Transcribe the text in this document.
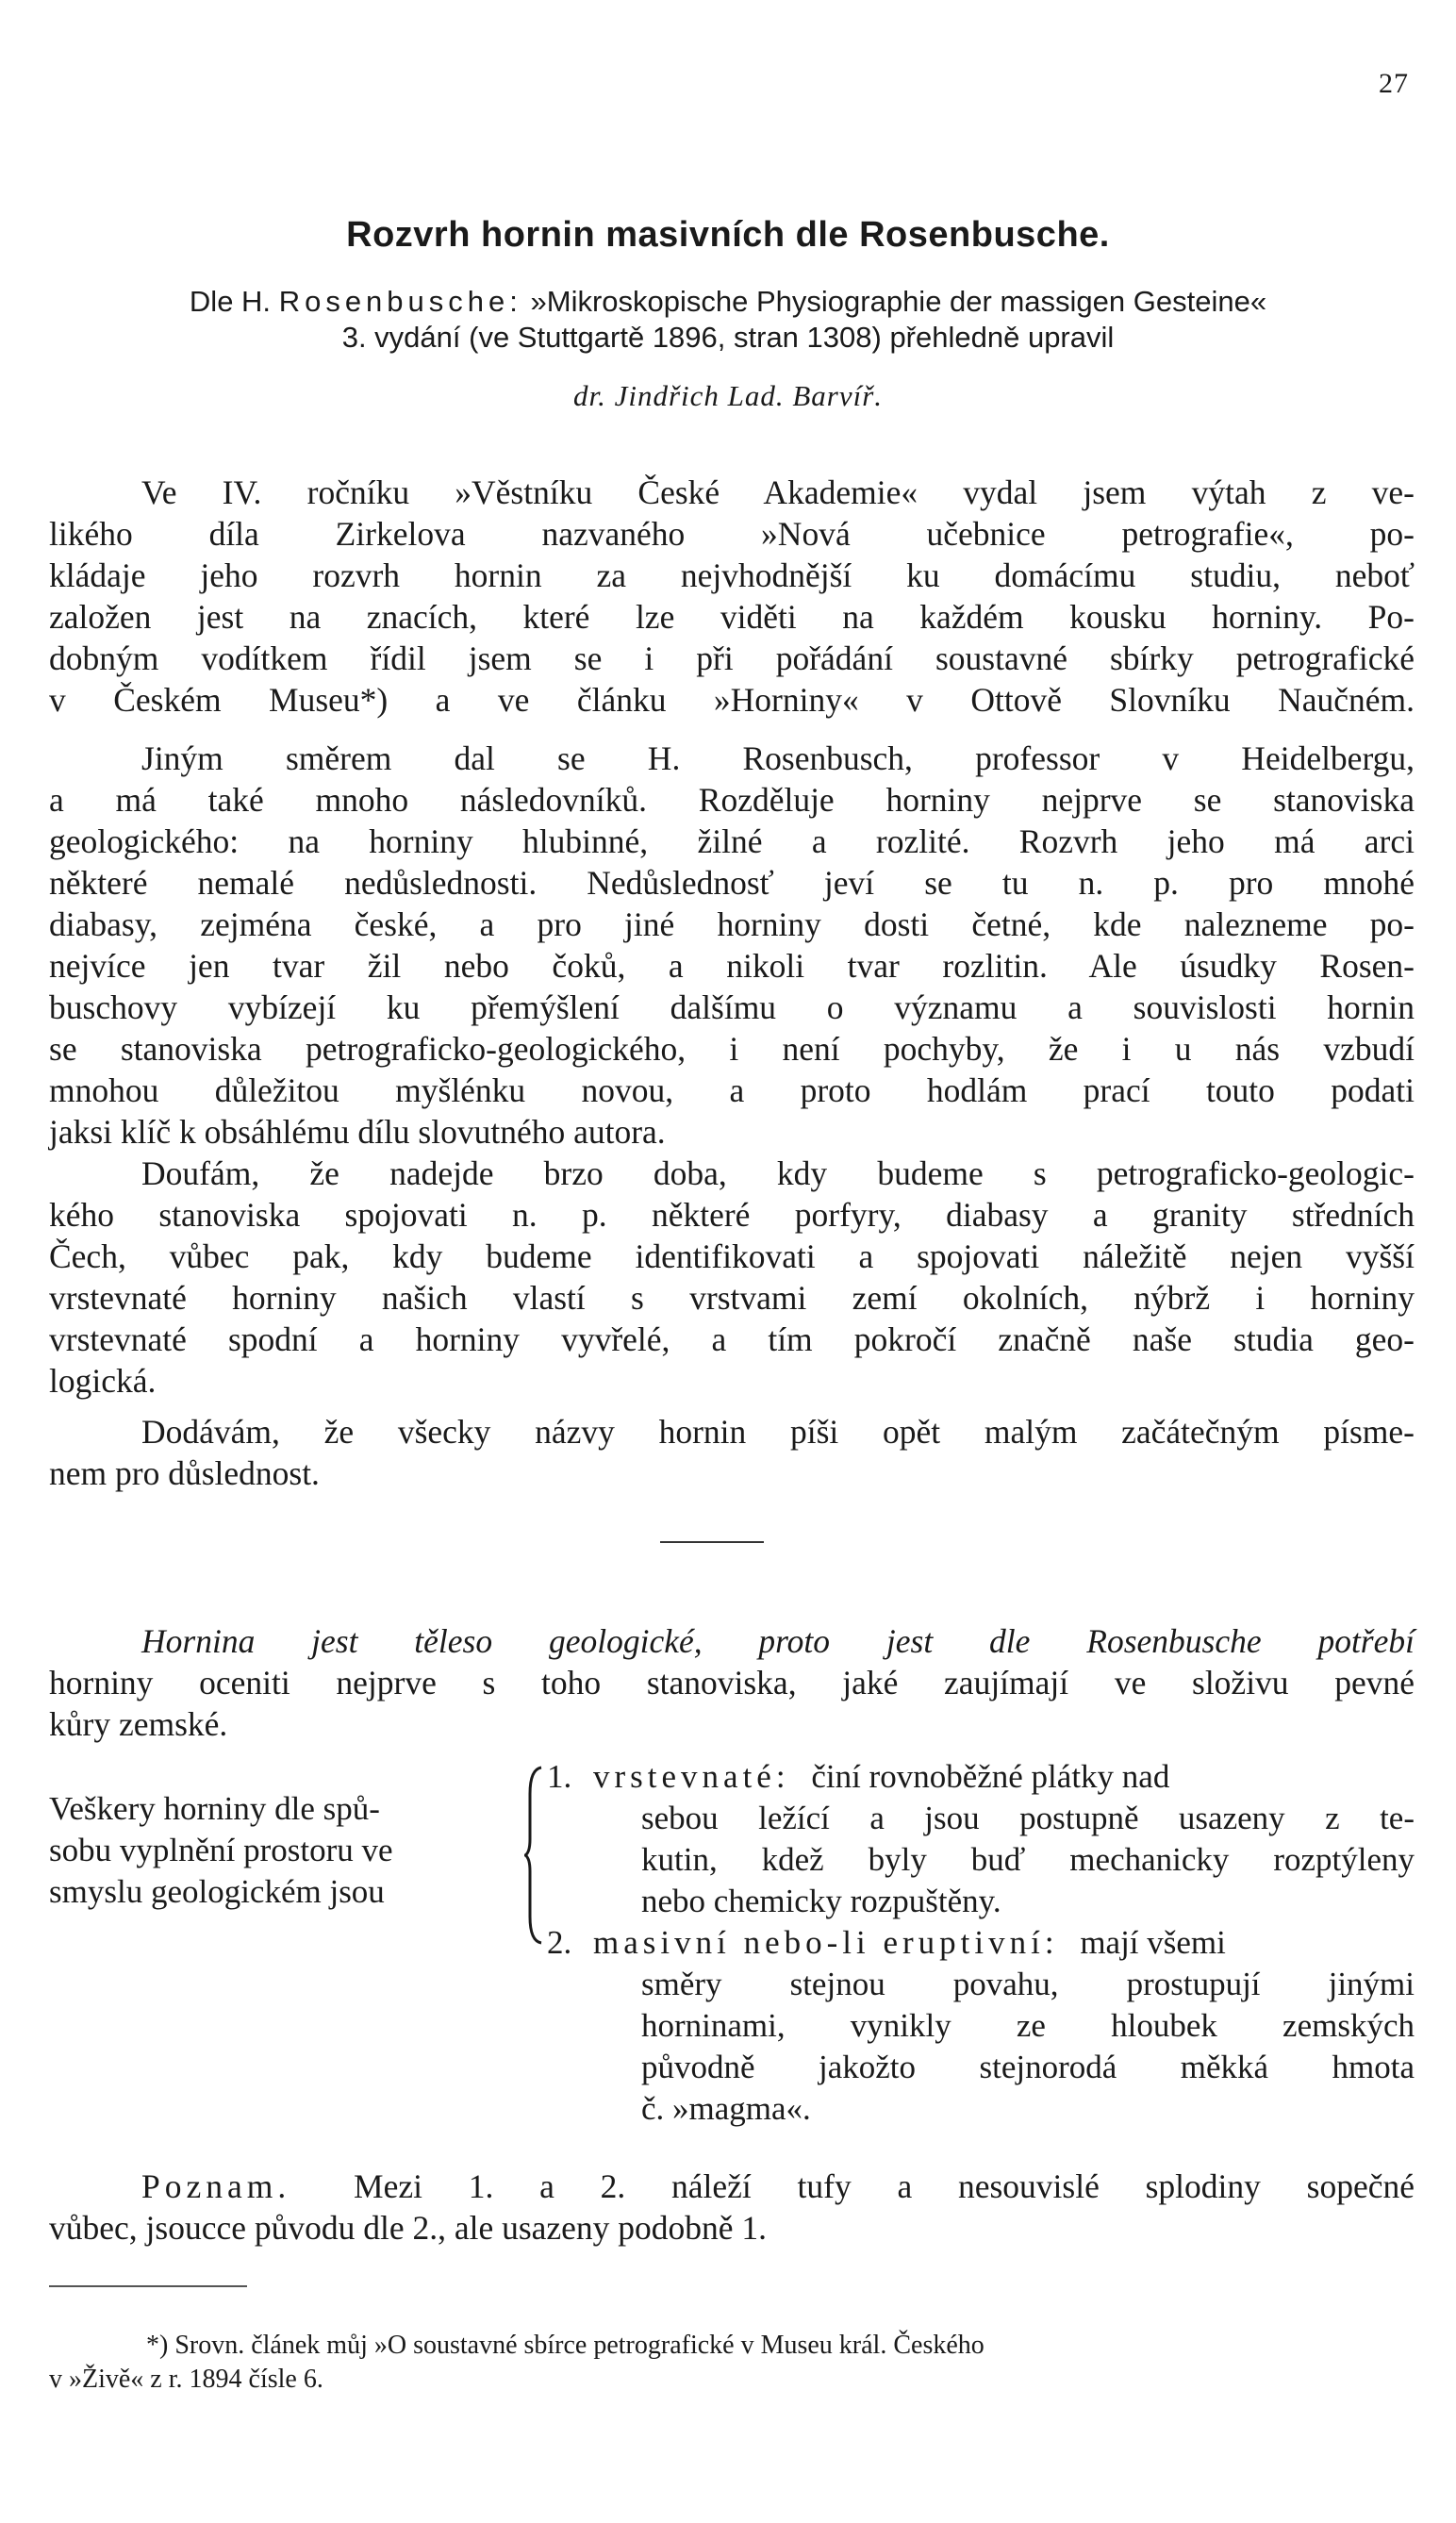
27
Rozvrh hornin masivních dle Rosenbusche.
Dle H. Rosenbusche: »Mikroskopische Physiographie der massigen Gesteine«
3. vydání (ve Stuttgartě 1896, stran 1308) přehledně upravil
dr. Jindřich Lad. Barvíř.
Ve IV. ročníku »Věstníku České Akademie« vydal jsem výtah z ve-
likého díla Zirkelova nazvaného »Nová učebnice petrografie«, po-
kládaje jeho rozvrh hornin za nejvhodnější ku domácímu studiu, neboť
založen jest na znacích, které lze viděti na každém kousku horniny. Po-
dobným vodítkem řídil jsem se i při pořádání soustavné sbírky petrografické
v Českém Museu*) a ve článku »Horniny« v Ottově Slovníku Naučném.
Jiným směrem dal se H. Rosenbusch, professor v Heidelbergu,
a má také mnoho následovníků. Rozděluje horniny nejprve se stanoviska
geologického: na horniny hlubinné, žilné a rozlité. Rozvrh jeho má arci
některé nemalé nedůslednosti. Nedůslednosť jeví se tu n. p. pro mnohé
diabasy, zejména české, a pro jiné horniny dosti četné, kde nalezneme po-
nejvíce jen tvar žil nebo čoků, a nikoli tvar rozlitin. Ale úsudky Rosen-
buschovy vybízejí ku přemýšlení dalšímu o významu a souvislosti hornin
se stanoviska petrograficko-geologického, i není pochyby, že i u nás vzbudí
mnohou důležitou myšlénku novou, a proto hodlám prací touto podati
jaksi klíč k obsáhlému dílu slovutného autora.
Doufám, že nadejde brzo doba, kdy budeme s petrograficko-geologic-
kého stanoviska spojovati n. p. některé porfyry, diabasy a granity středních
Čech, vůbec pak, kdy budeme identifikovati a spojovati náležitě nejen vyšší
vrstevnaté horniny našich vlastí s vrstvami zemí okolních, nýbrž i horniny
vrstevnaté spodní a horniny vyvřelé, a tím pokročí značně naše studia geo-
logická.
Dodávám, že všecky názvy hornin píši opět malým začátečným písme-
nem pro důslednost.
Hornina jest těleso geologické, proto jest dle Rosenbusche potřebí
horniny oceniti nejprve s toho stanoviska, jaké zaujímají ve složivu pevné
kůry zemské.
Veškery horniny dle spů-
sobu vyplnění prostoru ve
smyslu geologickém jsou
1. vrstevnaté: činí rovnoběžné plátky nad
sebou ležící a jsou postupně usazeny z te-
kutin, kdež byly buď mechanicky rozptýleny
nebo chemicky rozpuštěny.
2. masivní nebo-li eruptivní: mají všemi
směry stejnou povahu, prostupují jinými
horninami, vynikly ze hloubek zemských
původně jakožto stejnorodá měkká hmota
č. »magma«.
Poznam. Mezi 1. a 2. náleží tufy a nesouvislé splodiny sopečné
vůbec, jsoucce původu dle 2., ale usazeny podobně 1.
*) Srovn. článek můj »O soustavné sbírce petrografické v Museu král. Českého
v »Živě« z r. 1894 čísle 6.
